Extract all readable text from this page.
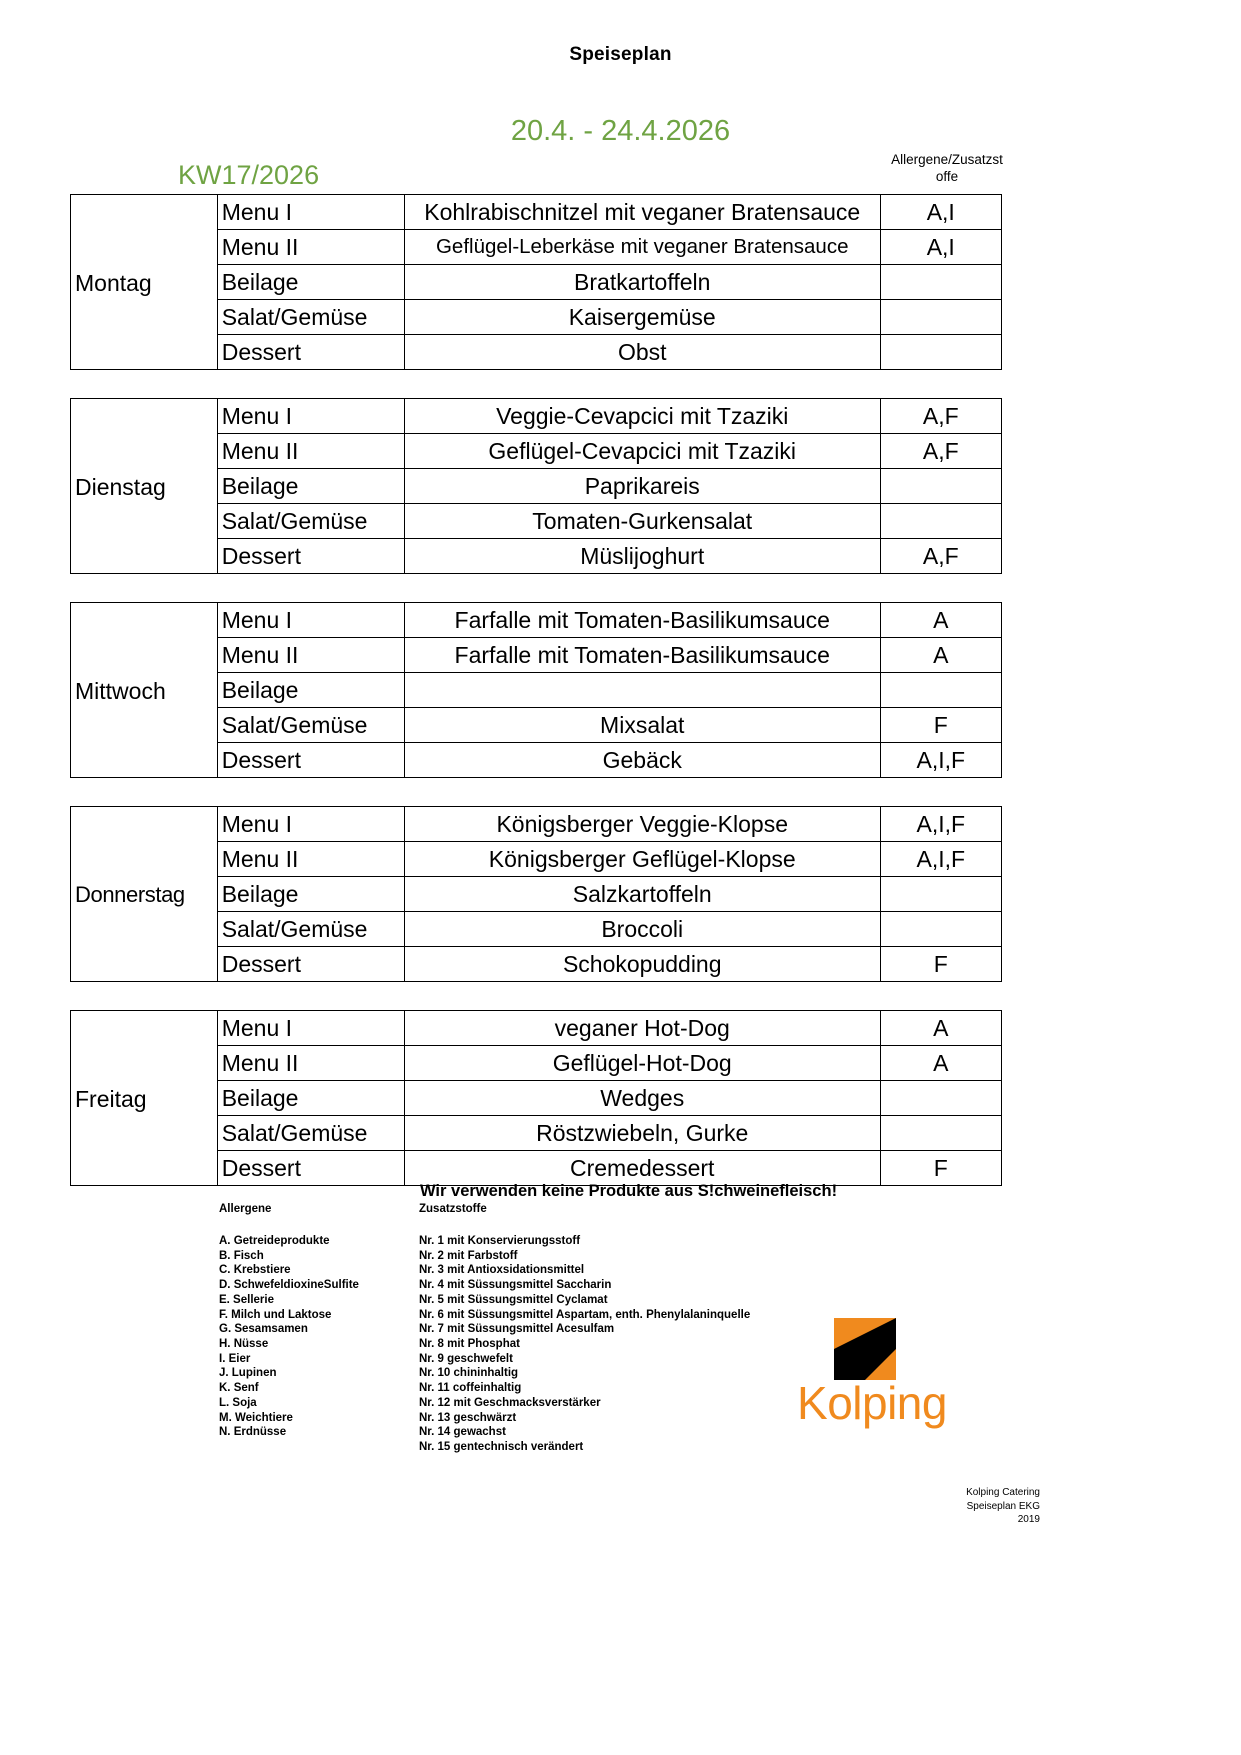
Speiseplan
20.4. - 24.4.2026
KW17/2026
Allergene/Zusatzst
offe
Montag	Menu I	Kohlrabischnitzel mit veganer Bratensauce	A,I
	Menu II	Geflügel-Leberkäse mit veganer Bratensauce	A,I
	Beilage	Bratkartoffeln	
	Salat/Gemüse	Kaisergemüse	
	Dessert	Obst	
Dienstag	Menu I	Veggie-Cevapcici mit Tzaziki	A,F
	Menu II	Geflügel-Cevapcici mit Tzaziki	A,F
	Beilage	Paprikareis	
	Salat/Gemüse	Tomaten-Gurkensalat	
	Dessert	Müslijoghurt	A,F
Mittwoch	Menu I	Farfalle mit Tomaten-Basilikumsauce	A
	Menu II	Farfalle mit Tomaten-Basilikumsauce	A
	Beilage		
	Salat/Gemüse	Mixsalat	F
	Dessert	Gebäck	A,I,F
Donnerstag	Menu I	Königsberger Veggie-Klopse	A,I,F
	Menu II	Königsberger Geflügel-Klopse	A,I,F
	Beilage	Salzkartoffeln	
	Salat/Gemüse	Broccoli	
	Dessert	Schokopudding	F
Freitag	Menu I	veganer Hot-Dog	A
	Menu II	Geflügel-Hot-Dog	A
	Beilage	Wedges	
	Salat/Gemüse	Röstzwiebeln, Gurke	
	Dessert	Cremedessert	F
Wir verwenden keine Produkte aus S!chweinefleisch!
Allergene
A. Getreideprodukte
B. Fisch
C. Krebstiere
D. SchwefeldioxineSulfite
E. Sellerie
F. Milch und Laktose
G. Sesamsamen
H. Nüsse
I. Eier
J. Lupinen
K. Senf
L. Soja
M. Weichtiere
N. Erdnüsse
Zusatzstoffe
Nr. 1 mit Konservierungsstoff
Nr. 2 mit Farbstoff
Nr. 3 mit Antioxsidationsmittel
Nr. 4 mit Süssungsmittel Saccharin
Nr. 5 mit Süssungsmittel Cyclamat
Nr. 6 mit Süssungsmittel Aspartam, enth. Phenylalaninquelle
Nr. 7 mit Süssungsmittel Acesulfam
Nr. 8 mit Phosphat
Nr. 9 geschwefelt
Nr. 10 chininhaltig
Nr. 11 coffeinhaltig
Nr. 12 mit Geschmacksverstärker
Nr. 13 geschwärzt
Nr. 14 gewachst
Nr. 15 gentechnisch verändert
Kolping
Kolping Catering
Speiseplan EKG
2019
